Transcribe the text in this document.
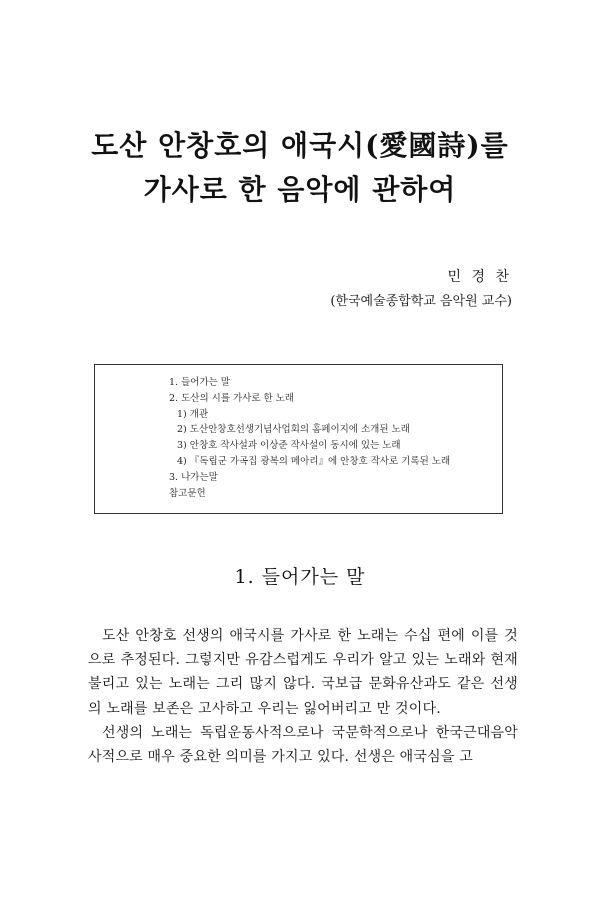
도산 안창호의 애국시(愛國詩)를
가사로 한 음악에 관하여
민 경 찬
(한국예술종합학교 음악원 교수)
1. 들어가는 말
2. 도산의 시를 가사로 한 노래
1) 개관
2) 도산안창호선생기념사업회의 홈페이지에 소개된 노래
3) 안창호 작사설과 이상준 작사설이 동시에 있는 노래
4) 『독립군 가곡집 광복의 메아리』에 안창호 작사로 기록된 노래
3. 나가는말
참고문헌
1. 들어가는 말

도산 안창호 선생의 애국시를 가사로 한 노래는 수십 편에 이를 것으로 추정된다. 그렇지만 유감스럽게도 우리가 알고 있는 노래와 현재 불리고 있는 노래는 그리 많지 않다. 국보급 문화유산과도 같은 선생의 노래를 보존은 고사하고 우리는 잃어버리고 만 것이다.

선생의 노래는 독립운동사적으로나 국문학적으로나 한국근대음악사적으로 매우 중요한 의미를 가지고 있다. 선생은 애국심을 고
